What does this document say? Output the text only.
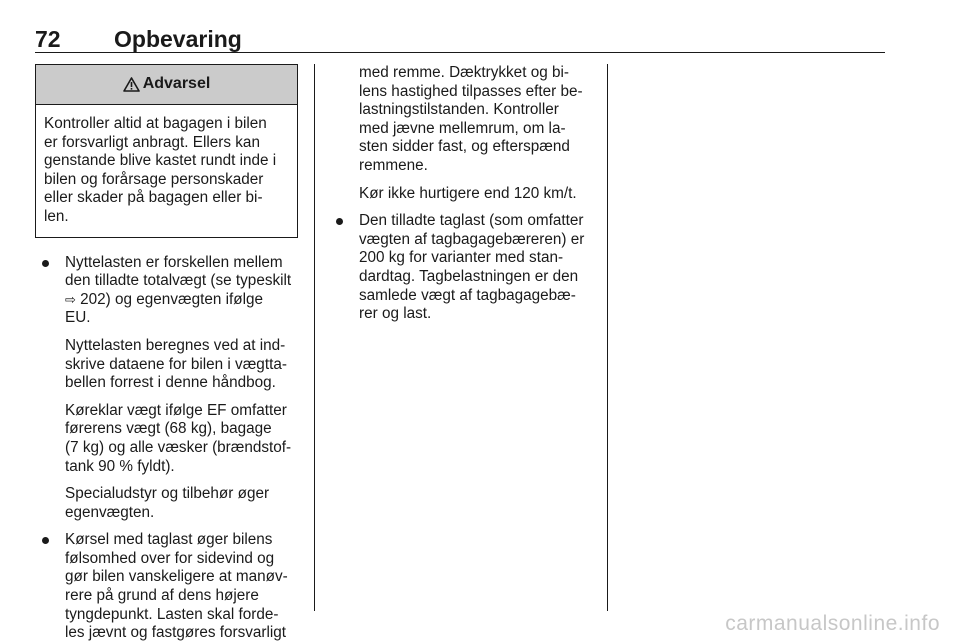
72 Opbevaring
Advarsel
Kontroller altid at bagagen i bilen
er forsvarligt anbragt. Ellers kan
genstande blive kastet rundt inde i
bilen og forårsage personskader
eller skader på bagagen eller bi-
len.
Nyttelasten er forskellen mellem
den tilladte totalvægt (se typeskilt
⇨ 202) og egenvægten ifølge
EU.
Nyttelasten beregnes ved at ind-
skrive dataene for bilen i vægtta-
bellen forrest i denne håndbog.
Køreklar vægt ifølge EF omfatter
førerens vægt (68 kg), bagage
(7 kg) og alle væsker (brændstof-
tank 90 % fyldt).
Specialudstyr og tilbehør øger
egenvægten.
Kørsel med taglast øger bilens
følsomhed over for sidevind og
gør bilen vanskeligere at manøv-
rere på grund af dens højere
tyngdepunkt. Lasten skal forde-
les jævnt og fastgøres forsvarligt
med remme. Dæktrykket og bi-
lens hastighed tilpasses efter be-
lastningstilstanden. Kontroller
med jævne mellemrum, om la-
sten sidder fast, og efterspænd
remmene.
Kør ikke hurtigere end 120 km/t.
Den tilladte taglast (som omfatter
vægten af tagbagagebæreren) er
200 kg for varianter med stan-
dardtag. Tagbelastningen er den
samlede vægt af tagbagagebæ-
rer og last.
carmanualsonline.info
